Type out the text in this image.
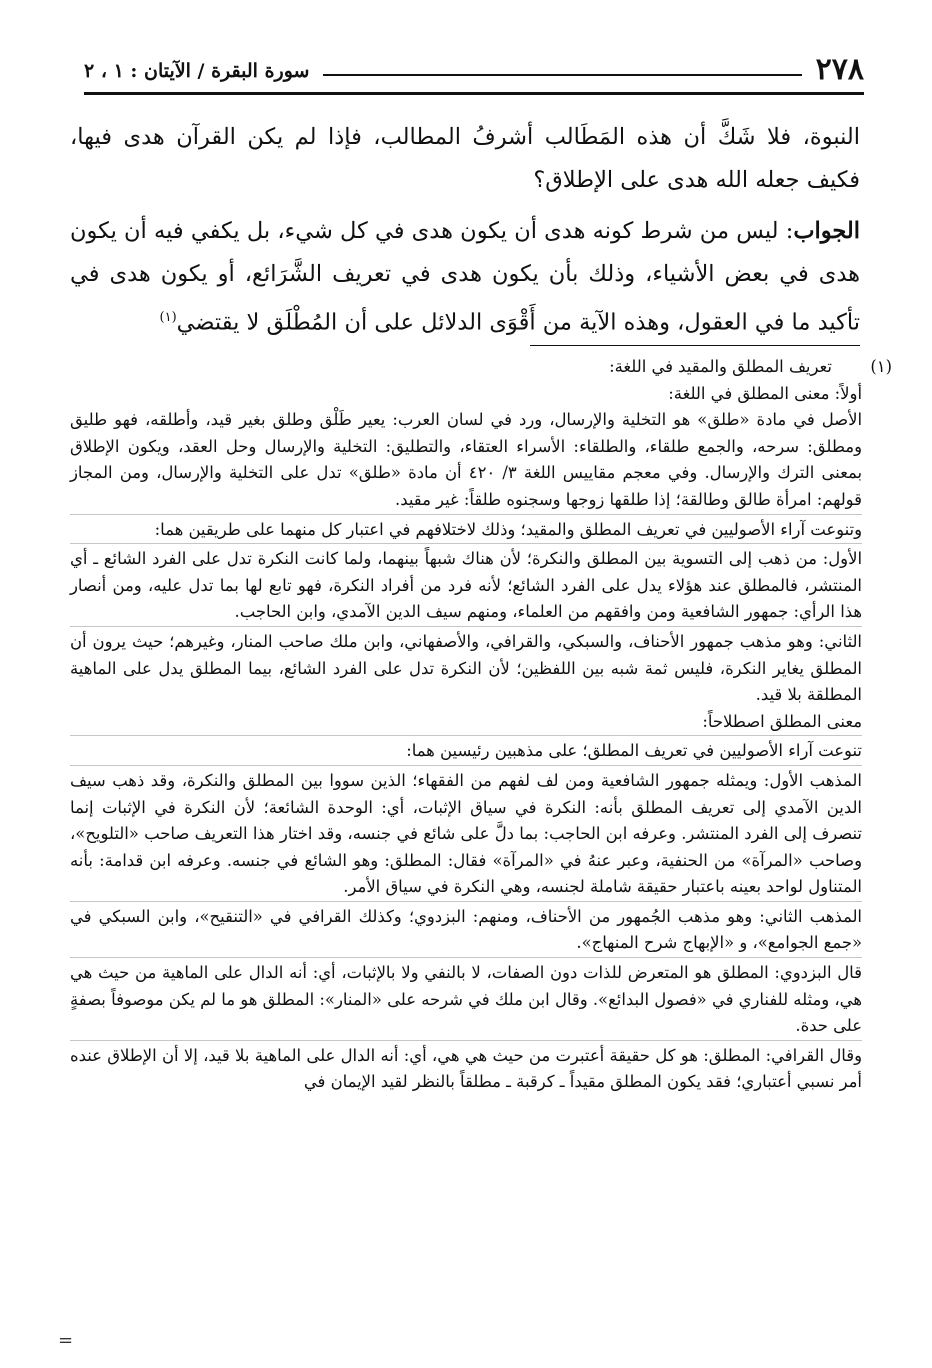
٢٧٨
سورة البقرة / الآيتان : ١ ، ٢

النبوة، فلا شَكَّ أن هذه المَطَالب أشرفُ المطالب، فإذا لم يكن القرآن هدى فيها، فكيف جعله الله هدى على الإطلاق؟

الجواب: ليس من شرط كونه هدى أن يكون هدى في كل شيء، بل يكفي فيه أن يكون هدى في بعض الأشياء، وذلك بأن يكون هدى في تعريف الشَّرَائع، أو يكون هدى في تأكيد ما في العقول، وهذه الآية من أَقْوَى الدلائل على أن المُطْلَق لا يقتضي$^{(١)}$

(١)تعريف المطلق والمقيد في اللغة:

أولاً: معنى المطلق في اللغة:

الأصل في مادة «طلق» هو التخلية والإرسال، ورد في لسان العرب: يعير طَلْق وطلق بغير قيد، وأطلقه، فهو طليق ومطلق: سرحه، والجمع طلقاء، والطلقاء: الأسراء العتقاء، والتطليق: التخلية والإرسال وحل العقد، ويكون الإطلاق بمعنى الترك والإرسال. وفي معجم مقاييس اللغة ٣/ ٤٢٠ أن مادة «طلق» تدل على التخلية والإرسال، ومن المجاز قولهم: امرأة طالق وطالقة؛ إذا طلقها زوجها وسجنوه طلقاً: غير مقيد.

وتنوعت آراء الأصوليين في تعريف المطلق والمقيد؛ وذلك لاختلافهم في اعتبار كل منهما على طريقين هما:

الأول: من ذهب إلى التسوية بين المطلق والنكرة؛ لأن هناك شبهاً بينهما، ولما كانت النكرة تدل على الفرد الشائع ـ أي المنتشر، فالمطلق عند هؤلاء يدل على الفرد الشائع؛ لأنه فرد من أفراد النكرة، فهو تابع لها بما تدل عليه، ومن أنصار هذا الرأي: جمهور الشافعية ومن وافقهم من العلماء، ومنهم سيف الدين الآمدي، وابن الحاجب.

الثاني: وهو مذهب جمهور الأحناف، والسبكي، والقرافي، والأصفهاني، وابن ملك صاحب المنار، وغيرهم؛ حيث يرون أن المطلق يغاير النكرة، فليس ثمة شبه بين اللفظين؛ لأن النكرة تدل على الفرد الشائع، بيما المطلق يدل على الماهية المطلقة بلا قيد.

معنى المطلق اصطلاحاً:

تنوعت آراء الأصوليين في تعريف المطلق؛ على مذهبين رئيسين هما:

المذهب الأول: ويمثله جمهور الشافعية ومن لف لفهم من الفقهاء؛ الذين سووا بين المطلق والنكرة، وقد ذهب سيف الدين الآمدي إلى تعريف المطلق بأنه: النكرة في سياق الإثبات، أي: الوحدة الشائعة؛ لأن النكرة في الإثبات إنما تنصرف إلى الفرد المنتشر. وعرفه ابن الحاجب: بما دلَّ على شائع في جنسه، وقد اختار هذا التعريف صاحب «التلويح»، وصاحب «المرآة» من الحنفية، وعبر عنهُ في «المرآة» فقال: المطلق: وهو الشائع في جنسه. وعرفه ابن قدامة: بأنه المتناول لواحد بعينه باعتبار حقيقة شاملة لجنسه، وهي النكرة في سياق الأمر.

المذهب الثاني: وهو مذهب الجُمهور من الأحناف، ومنهم: البزدوي؛ وكذلك القرافي في «التنقيح»، وابن السبكي في «جمع الجوامع»، و «الإبهاج شرح المنهاج».

قال البزدوي: المطلق هو المتعرض للذات دون الصفات، لا بالنفي ولا بالإثبات، أي: أنه الدال على الماهية من حيث هي هي، ومثله للفناري في «فصول البدائع». وقال ابن ملك في شرحه على «المنار»: المطلق هو ما لم يكن موصوفاً بصفةٍ على حدة.

وقال القرافي: المطلق: هو كل حقيقة أعتبرت من حيث هي هي، أي: أنه الدال على الماهية بلا قيد، إلا أن الإطلاق عنده أمر نسبي أعتباري؛ فقد يكون المطلق مقيداً ـ كرقبة ـ مطلقاً بالنظر لقيد الإيمان في

=
